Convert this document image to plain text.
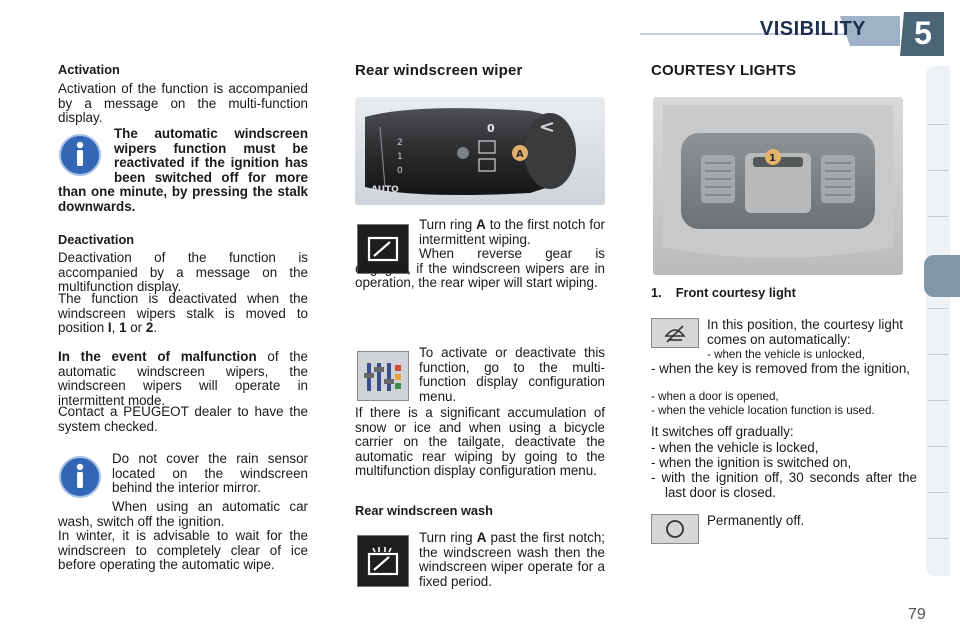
VISIBILITY	5
Activation

Activation of the function is accompanied by a message on the multi-function display.

The automatic windscreen wipers function must be reactivated if the ignition has been switched off for more than one minute, by pressing the stalk downwards.
Deactivation

Deactivation of the function is accompanied by a message on the multifunction display.

The function is deactivated when the windscreen wipers stalk is moved to position I, 1 or 2.

In the event of malfunction of the automatic windscreen wipers, the windscreen wipers will operate in intermittent mode.

Contact a PEUGEOT dealer to have the system checked.

Do not cover the rain sensor located on the windscreen behind the interior mirror.

When using an automatic car wash, switch off the ignition.

In winter, it is advisable to wait for the windscreen to completely clear of ice before operating the automatic wipe.

Rear windscreen wiper
2
1
0
AUTO
0
A

Turn ring A to the first notch for intermittent wiping.

When reverse gear is engaged, if the windscreen wipers are in operation, the rear wiper will start wiping.

To activate or deactivate this function, go to the multi-function display configuration menu.

If there is a significant accumulation of snow or ice and when using a bicycle carrier on the tailgate, deactivate the automatic rear wiping by going to the multifunction display configuration menu.

Rear windscreen wash

Turn ring A past the first notch; the windscreen wash then the windscreen wiper operate for a fixed period.

COURTESY LIGHTS
1
1. Front courtesy light

In this position, the courtesy light comes on automatically:

- when the vehicle is unlocked,
- when the key is removed from the ignition,
- when a door is opened,
- when the vehicle location function is used.
It switches off gradually:
- when the vehicle is locked,
- when the ignition is switched on,
- with the ignition off, 30 seconds after the last door is closed.
Permanently off.
79
